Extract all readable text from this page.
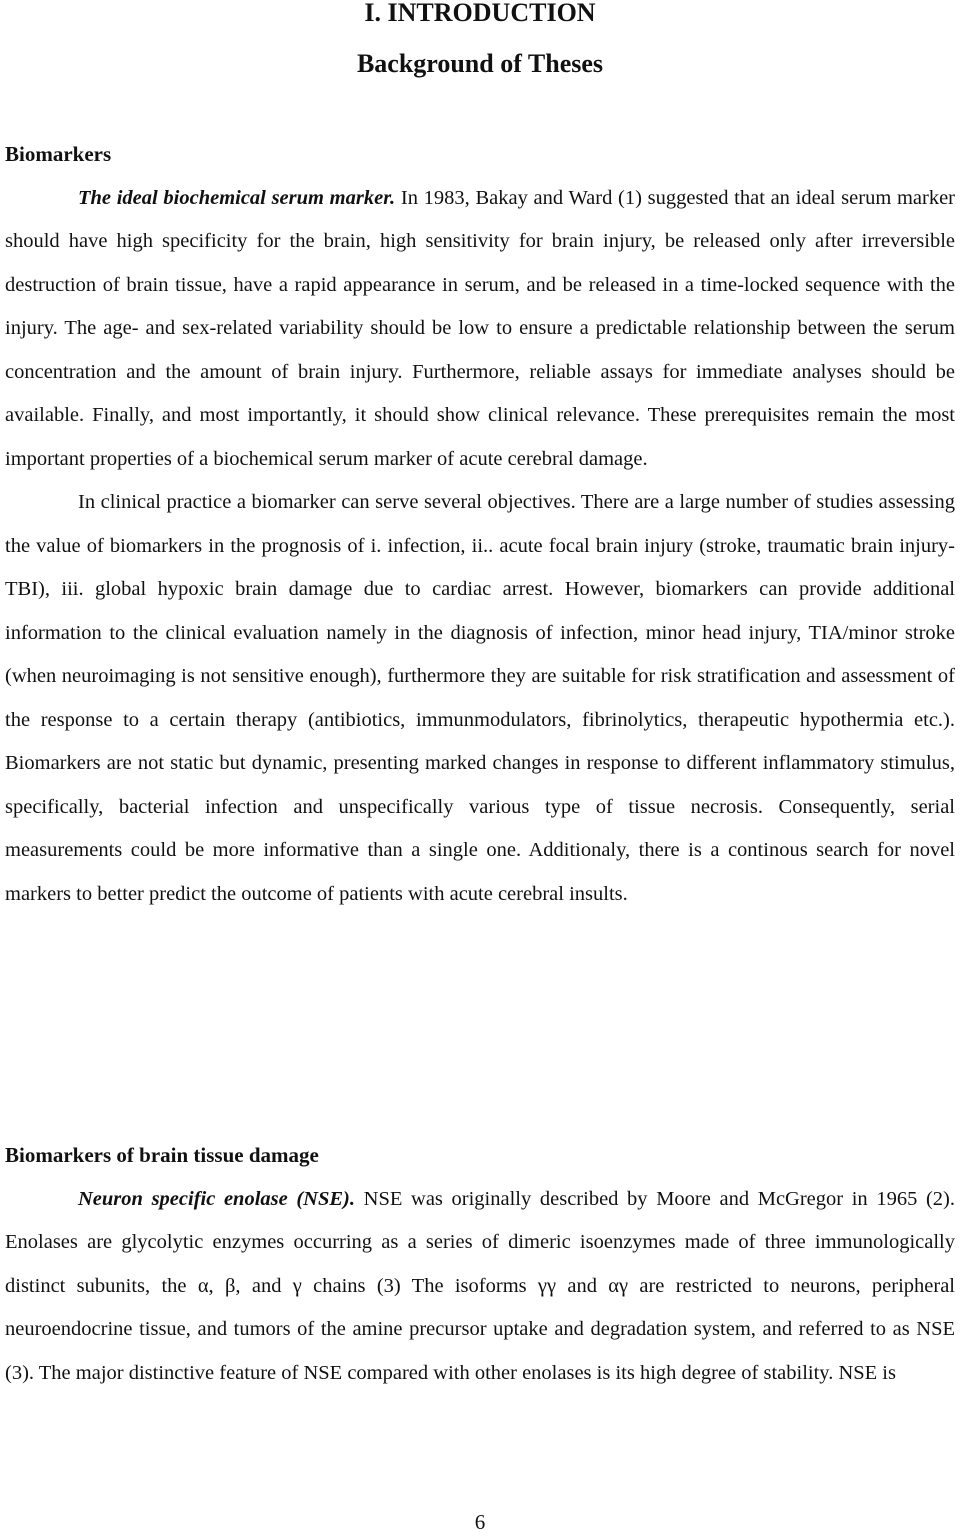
I. INTRODUCTION
Background of Theses
Biomarkers

The ideal biochemical serum marker. In 1983, Bakay and Ward (1) suggested that an ideal serum marker should have high specificity for the brain, high sensitivity for brain injury, be released only after irreversible destruction of brain tissue, have a rapid appearance in serum, and be released in a time-locked sequence with the injury. The age- and sex-related variability should be low to ensure a predictable relationship between the serum concentration and the amount of brain injury. Furthermore, reliable assays for immediate analyses should be available. Finally, and most importantly, it should show clinical relevance. These prerequisites remain the most important properties of a biochemical serum marker of acute cerebral damage.

In clinical practice a biomarker can serve several objectives. There are a large number of studies assessing the value of biomarkers in the prognosis of i. infection, ii.. acute focal brain injury (stroke, traumatic brain injury-TBI), iii. global hypoxic brain damage due to cardiac arrest. However, biomarkers can provide additional information to the clinical evaluation namely in the diagnosis of infection, minor head injury, TIA/minor stroke (when neuroimaging is not sensitive enough), furthermore they are suitable for risk stratification and assessment of the response to a certain therapy (antibiotics, immunmodulators, fibrinolytics, therapeutic hypothermia etc.). Biomarkers are not static but dynamic, presenting marked changes in response to different inflammatory stimulus, specifically, bacterial infection and unspecifically various type of tissue necrosis. Consequently, serial measurements could be more informative than a single one. Additionaly, there is a continous search for novel markers to better predict the outcome of patients with acute cerebral insults.

Biomarkers of brain tissue damage

Neuron specific enolase (NSE). NSE was originally described by Moore and McGregor in 1965 (2). Enolases are glycolytic enzymes occurring as a series of dimeric isoenzymes made of three immunologically distinct subunits, the α, β, and γ chains (3) The isoforms γγ and αγ are restricted to neurons, peripheral neuroendocrine tissue, and tumors of the amine precursor uptake and degradation system, and referred to as NSE (3). The major distinctive feature of NSE compared with other enolases is its high degree of stability. NSE is

6
